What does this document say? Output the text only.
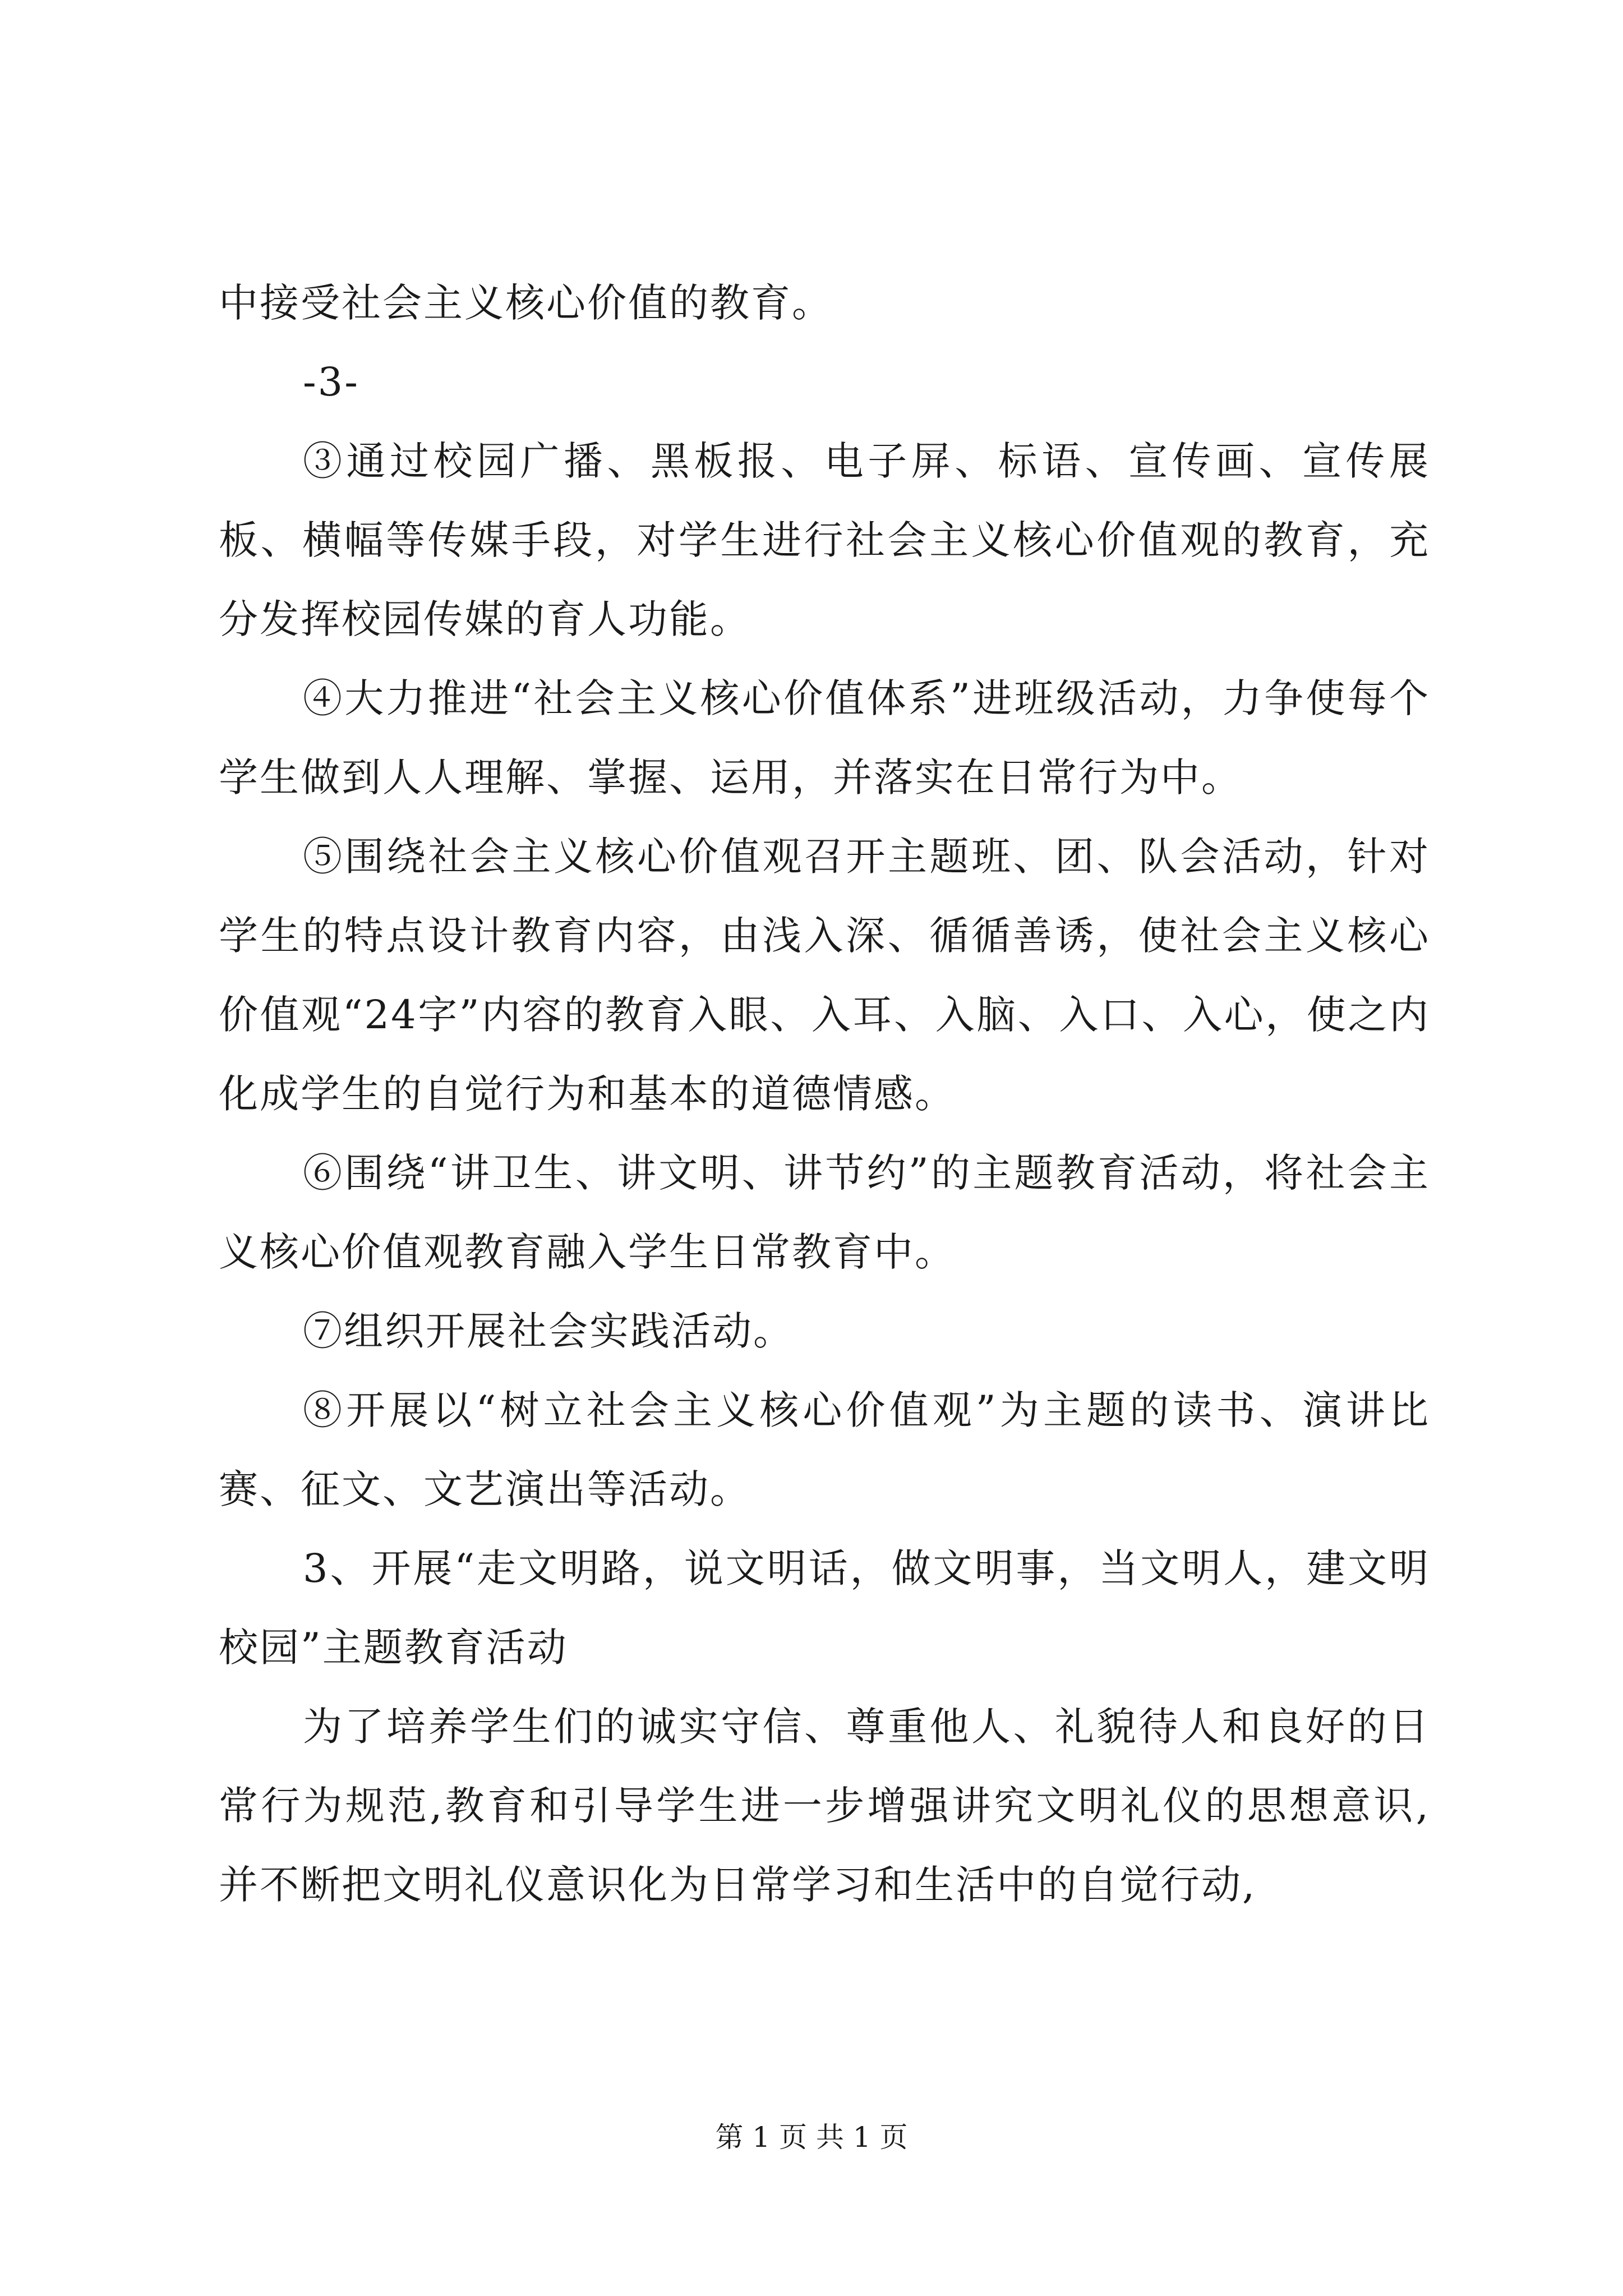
中接受社会主义核心价值的教育。

-3-

③通过校园广播、黑板报、电子屏、标语、宣传画、宣传展板、横幅等传媒手段，对学生进行社会主义核心价值观的教育，充分发挥校园传媒的育人功能。

④大力推进“社会主义核心价值体系”进班级活动，力争使每个学生做到人人理解、掌握、运用，并落实在日常行为中。

⑤围绕社会主义核心价值观召开主题班、团、队会活动，针对学生的特点设计教育内容，由浅入深、循循善诱，使社会主义核心价值观“24字”内容的教育入眼、入耳、入脑、入口、入心，使之内化成学生的自觉行为和基本的道德情感。

⑥围绕“讲卫生、讲文明、讲节约”的主题教育活动，将社会主义核心价值观教育融入学生日常教育中。

⑦组织开展社会实践活动。

⑧开展以“树立社会主义核心价值观”为主题的读书、演讲比赛、征文、文艺演出等活动。

3、开展“走文明路，说文明话，做文明事，当文明人，建文明校园”主题教育活动

为了培养学生们的诚实守信、尊重他人、礼貌待人和良好的日常行为规范,教育和引导学生进一步增强讲究文明礼仪的思想意识,并不断把文明礼仪意识化为日常学习和生活中的自觉行动,

第 1 页 共 1 页
